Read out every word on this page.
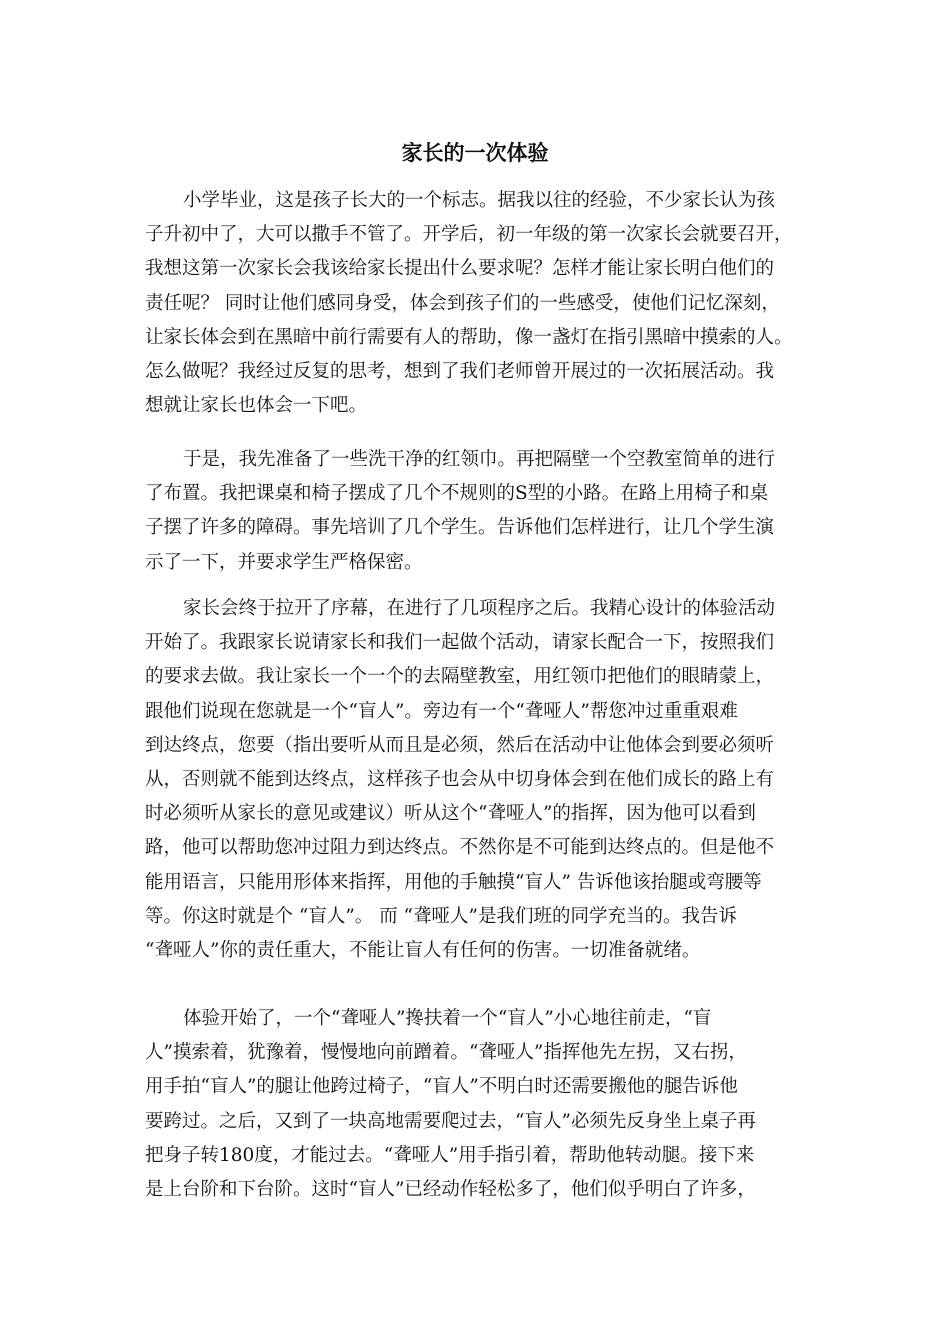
家长的一次体验
小学毕业，这是孩子长大的一个标志。据我以往的经验，不少家长认为孩
子升初中了，大可以撒手不管了。开学后，初一年级的第一次家长会就要召开，
我想这第一次家长会我该给家长提出什么要求呢？怎样才能让家长明白他们的
责任呢？ 同时让他们感同身受，体会到孩子们的一些感受，使他们记忆深刻，
让家长体会到在黑暗中前行需要有人的帮助，像一盏灯在指引黑暗中摸索的人。
怎么做呢？我经过反复的思考，想到了我们老师曾开展过的一次拓展活动。我
想就让家长也体会一下吧。
于是，我先准备了一些洗干净的红领巾。再把隔壁一个空教室简单的进行
了布置。我把课桌和椅子摆成了几个不规则的S型的小路。在路上用椅子和桌
子摆了许多的障碍。事先培训了几个学生。告诉他们怎样进行，让几个学生演
示了一下，并要求学生严格保密。
家长会终于拉开了序幕，在进行了几项程序之后。我精心设计的体验活动
开始了。我跟家长说请家长和我们一起做个活动，请家长配合一下，按照我们
的要求去做。我让家长一个一个的去隔壁教室，用红领巾把他们的眼睛蒙上，
跟他们说现在您就是一个“盲人”。旁边有一个“聋哑人”帮您冲过重重艰难
到达终点，您要（指出要听从而且是必须，然后在活动中让他体会到要必须听
从，否则就不能到达终点，这样孩子也会从中切身体会到在他们成长的路上有
时必须听从家长的意见或建议）听从这个“聋哑人”的指挥，因为他可以看到
路，他可以帮助您冲过阻力到达终点。不然你是不可能到达终点的。但是他不
能用语言，只能用形体来指挥，用他的手触摸“盲人” 告诉他该抬腿或弯腰等
等。你这时就是个 “盲人”。 而 “聋哑人”是我们班的同学充当的。我告诉
“聋哑人”你的责任重大，不能让盲人有任何的伤害。一切准备就绪。
体验开始了，一个“聋哑人”搀扶着一个“盲人”小心地往前走，“盲
人”摸索着，犹豫着，慢慢地向前蹭着。“聋哑人”指挥他先左拐，又右拐，
用手拍“盲人”的腿让他跨过椅子，“盲人”不明白时还需要搬他的腿告诉他
要跨过。之后，又到了一块高地需要爬过去，“盲人”必须先反身坐上桌子再
把身子转180度，才能过去。“聋哑人”用手指引着，帮助他转动腿。接下来
是上台阶和下台阶。这时“盲人”已经动作轻松多了，他们似乎明白了许多，
